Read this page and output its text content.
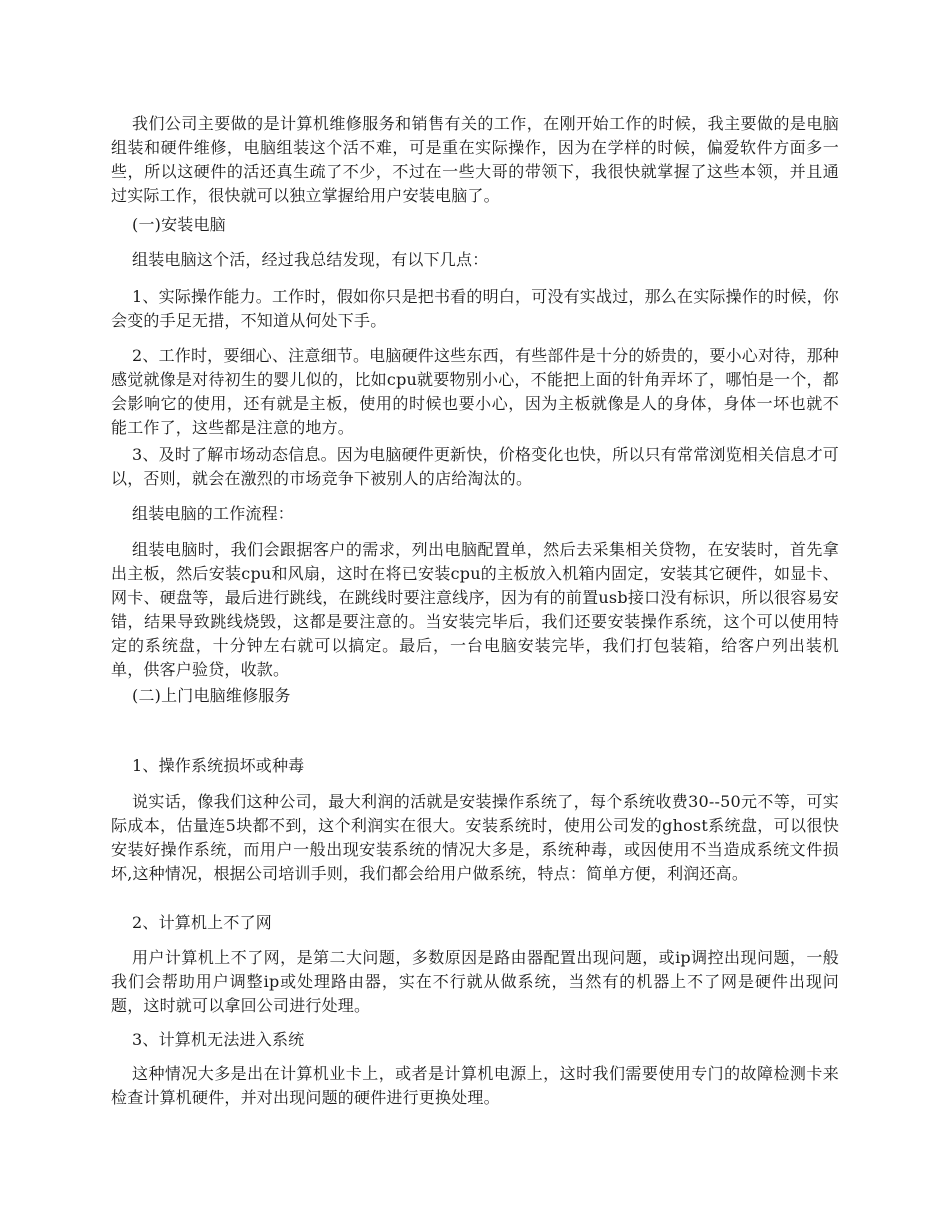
我们公司主要做的是计算机维修服务和销售有关的工作，在刚开始工作的时候，我主要做的是电脑组装和硬件维修，电脑组装这个活不难，可是重在实际操作，因为在学样的时候，偏爱软件方面多一些，所以这硬件的活还真生疏了不少，不过在一些大哥的带领下，我很快就掌握了这些本领，并且通过实际工作，很快就可以独立掌握给用户安装电脑了。

(一)安装电脑

组装电脑这个活，经过我总结发现，有以下几点：

1、实际操作能力。工作时，假如你只是把书看的明白，可没有实战过，那么在实际操作的时候，你会变的手足无措，不知道从何处下手。

2、工作时，要细心、注意细节。电脑硬件这些东西，有些部件是十分的娇贵的，要小心对待，那种感觉就像是对待初生的婴儿似的，比如cpu就要物别小心，不能把上面的针角弄坏了，哪怕是一个，都会影响它的使用，还有就是主板，使用的时候也要小心，因为主板就像是人的身体，身体一坏也就不能工作了，这些都是注意的地方。

3、及时了解市场动态信息。因为电脑硬件更新快，价格变化也快，所以只有常常浏览相关信息才可以，否则，就会在激烈的市场竞争下被别人的店给淘汰的。

组装电脑的工作流程：

组装电脑时，我们会跟据客户的需求，列出电脑配置单，然后去采集相关贷物，在安装时，首先拿出主板，然后安装cpu和风扇，这时在将已安装cpu的主板放入机箱内固定，安装其它硬件，如显卡、网卡、硬盘等，最后进行跳线，在跳线时要注意线序，因为有的前置usb接口没有标识，所以很容易安错，结果导致跳线烧毁，这都是要注意的。当安装完毕后，我们还要安装操作系统，这个可以使用特定的系统盘，十分钟左右就可以搞定。最后，一台电脑安装完毕，我们打包装箱，给客户列出装机单，供客户验贷，收款。

(二)上门电脑维修服务

1、操作系统损坏或种毒

说实话，像我们这种公司，最大利润的活就是安装操作系统了，每个系统收费30--50元不等，可实际成本，估量连5块都不到，这个利润实在很大。安装系统时，使用公司发的ghost系统盘，可以很快安装好操作系统，而用户一般出现安装系统的情况大多是，系统种毒，或因使用不当造成系统文件损坏,这种情况，根据公司培训手则，我们都会给用户做系统，特点：简单方便，利润还高。

2、计算机上不了网

用户计算机上不了网，是第二大问题，多数原因是路由器配置出现问题，或ip调控出现问题，一般我们会帮助用户调整ip或处理路由器，实在不行就从做系统，当然有的机器上不了网是硬件出现问题，这时就可以拿回公司进行处理。

3、计算机无法进入系统

这种情况大多是出在计算机业卡上，或者是计算机电源上，这时我们需要使用专门的故障检测卡来检查计算机硬件，并对出现问题的硬件进行更换处理。
